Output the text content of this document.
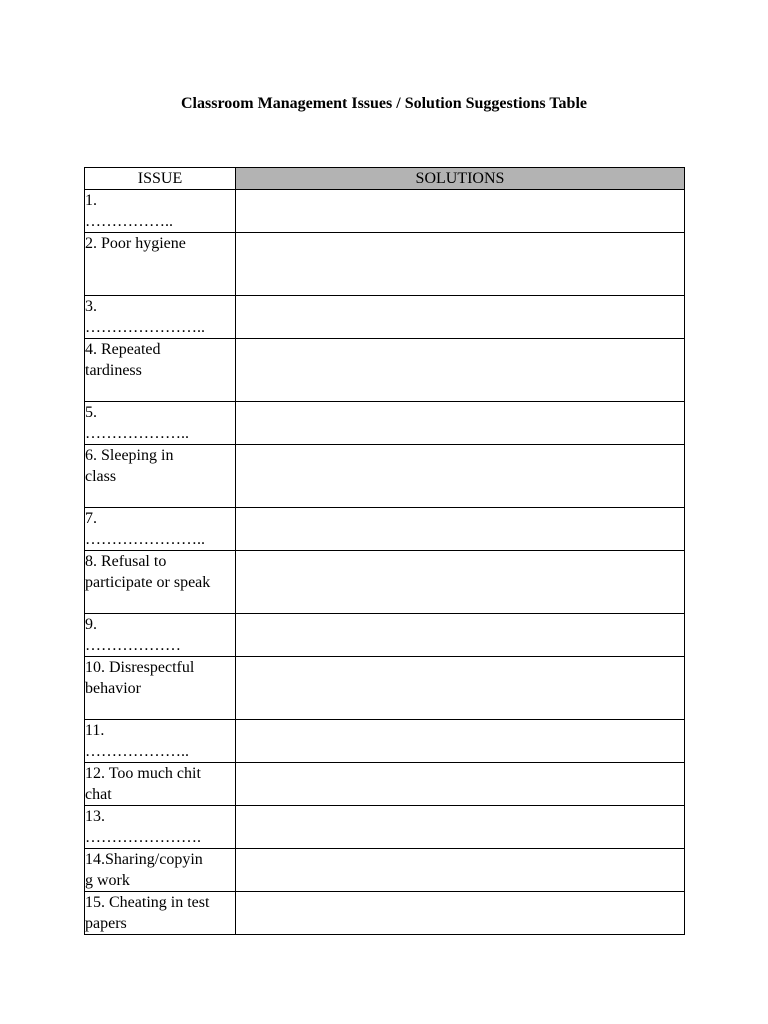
Classroom Management Issues / Solution Suggestions Table
ISSUE	SOLUTIONS

1.
……………..	

2. Poor hygiene	

3.
…………………..	

4. Repeated
tardiness	

5.
………………..	

6. Sleeping in
class	

7.
…………………..	

8. Refusal to
participate or speak	

9.
………………	

10. Disrespectful
behavior	

11.
………………..	

12. Too much chit
chat	

13.
………………….	

14.Sharing/copyin
g work	

15. Cheating in test
papers	
